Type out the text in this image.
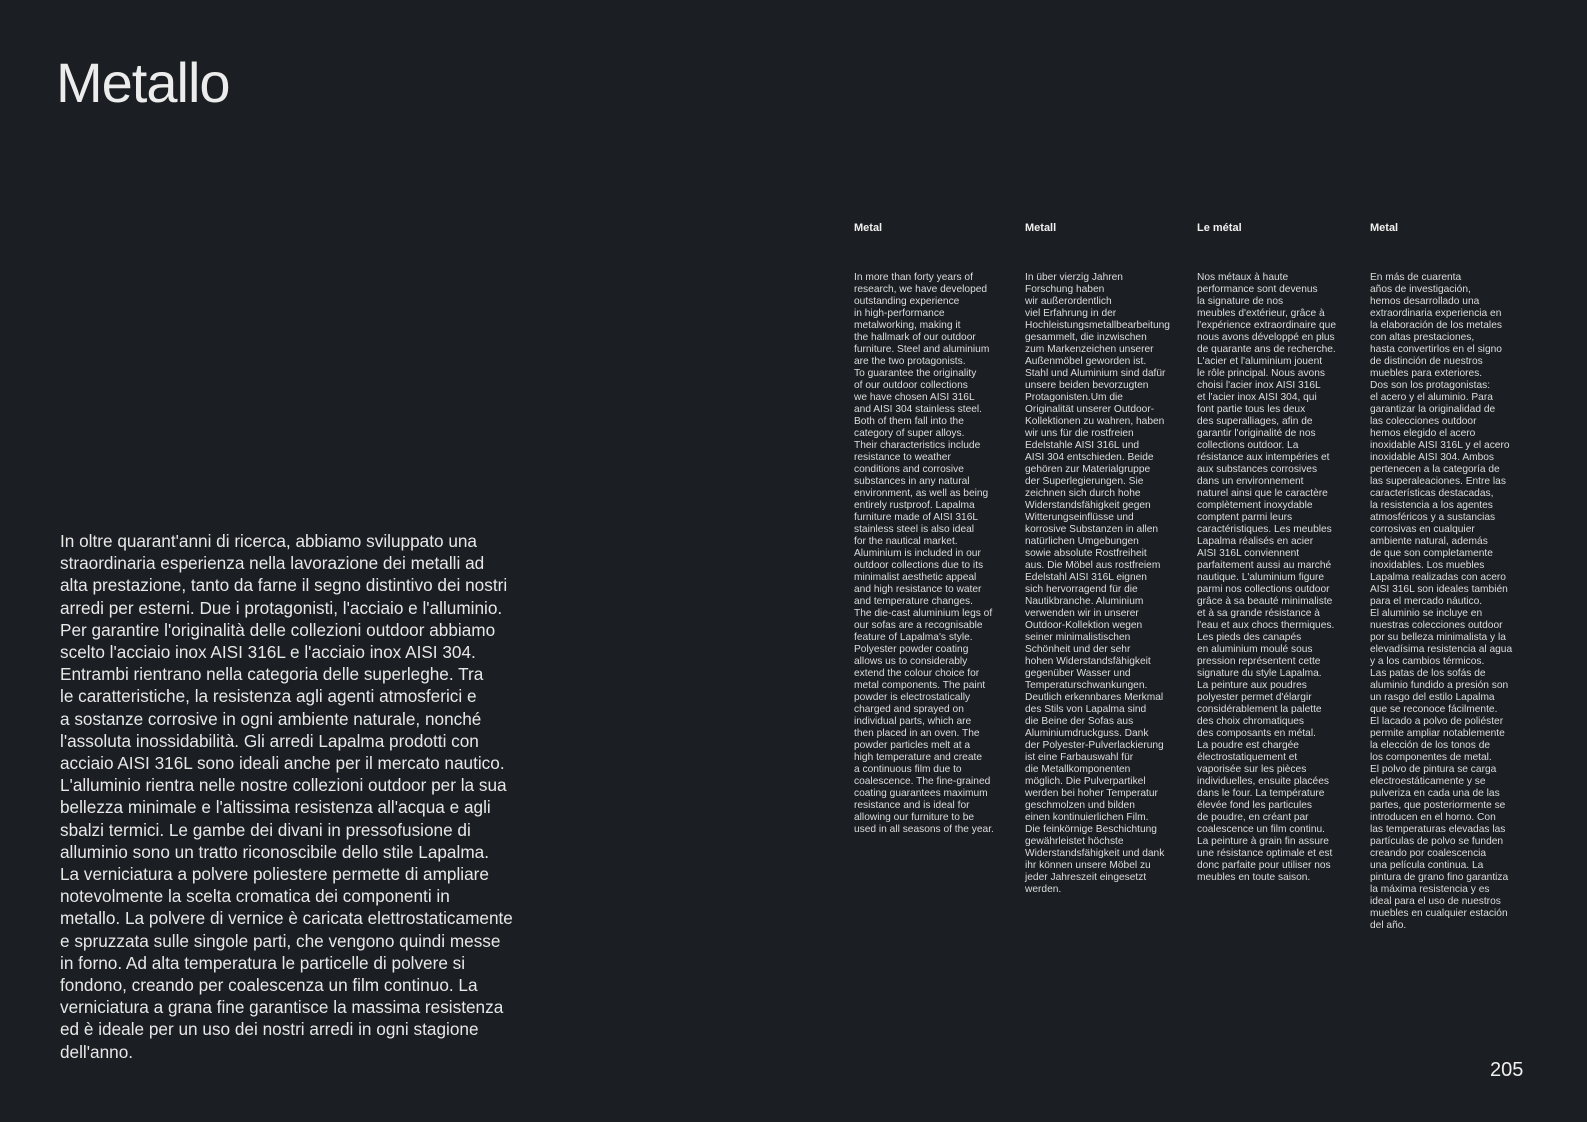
Metallo
In oltre quarant'anni di ricerca, abbiamo sviluppato una
straordinaria esperienza nella lavorazione dei metalli ad
alta prestazione, tanto da farne il segno distintivo dei nostri
arredi per esterni. Due i protagonisti, l'acciaio e l'alluminio.
Per garantire l'originalità delle collezioni outdoor abbiamo
scelto l'acciaio inox AISI 316L e l'acciaio inox AISI 304.
Entrambi rientrano nella categoria delle superleghe. Tra
le caratteristiche, la resistenza agli agenti atmosferici e
a sostanze corrosive in ogni ambiente naturale, nonché
l'assoluta inossidabilità. Gli arredi Lapalma prodotti con
acciaio AISI 316L sono ideali anche per il mercato nautico.
L'alluminio rientra nelle nostre collezioni outdoor per la sua
bellezza minimale e l'altissima resistenza all'acqua e agli
sbalzi termici. Le gambe dei divani in pressofusione di
alluminio sono un tratto riconoscibile dello stile Lapalma.
La verniciatura a polvere poliestere permette di ampliare
notevolmente la scelta cromatica dei componenti in
metallo. La polvere di vernice è caricata elettrostaticamente
e spruzzata sulle singole parti, che vengono quindi messe
in forno. Ad alta temperatura le particelle di polvere si
fondono, creando per coalescenza un film continuo. La
verniciatura a grana fine garantisce la massima resistenza
ed è ideale per un uso dei nostri arredi in ogni stagione
dell'anno.
Metal	Metall	Le métal	Metal
In more than forty years of
research, we have developed
outstanding experience
in high-performance
metalworking, making it
the hallmark of our outdoor
furniture. Steel and aluminium
are the two protagonists.
To guarantee the originality
of our outdoor collections
we have chosen AISI 316L
and AISI 304 stainless steel.
Both of them fall into the
category of super alloys.
Their characteristics include
resistance to weather
conditions and corrosive
substances in any natural
environment, as well as being
entirely rustproof. Lapalma
furniture made of AISI 316L
stainless steel is also ideal
for the nautical market.
Aluminium is included in our
outdoor collections due to its
minimalist aesthetic appeal
and high resistance to water
and temperature changes.
The die-cast aluminium legs of
our sofas are a recognisable
feature of Lapalma's style.
Polyester powder coating
allows us to considerably
extend the colour choice for
metal components. The paint
powder is electrostatically
charged and sprayed on
individual parts, which are
then placed in an oven. The
powder particles melt at a
high temperature and create
a continuous film due to
coalescence. The fine-grained
coating guarantees maximum
resistance and is ideal for
allowing our furniture to be
used in all seasons of the year.
In über vierzig Jahren
Forschung haben
wir außerordentlich
viel Erfahrung in der
Hochleistungsmetallbearbeitung
gesammelt, die inzwischen
zum Markenzeichen unserer
Außenmöbel geworden ist.
Stahl und Aluminium sind dafür
unsere beiden bevorzugten
Protagonisten.Um die
Originalität unserer Outdoor-
Kollektionen zu wahren, haben
wir uns für die rostfreien
Edelstahle AISI 316L und
AISI 304 entschieden. Beide
gehören zur Materialgruppe
der Superlegierungen. Sie
zeichnen sich durch hohe
Widerstandsfähigkeit gegen
Witterungseinflüsse und
korrosive Substanzen in allen
natürlichen Umgebungen
sowie absolute Rostfreiheit
aus. Die Möbel aus rostfreiem
Edelstahl AISI 316L eignen
sich hervorragend für die
Nautikbranche. Aluminium
verwenden wir in unserer
Outdoor-Kollektion wegen
seiner minimalistischen
Schönheit und der sehr
hohen Widerstandsfähigkeit
gegenüber Wasser und
Temperaturschwankungen.
Deutlich erkennbares Merkmal
des Stils von Lapalma sind
die Beine der Sofas aus
Aluminiumdruckguss. Dank
der Polyester-Pulverlackierung
ist eine Farbauswahl für
die Metallkomponenten
möglich. Die Pulverpartikel
werden bei hoher Temperatur
geschmolzen und bilden
einen kontinuierlichen Film.
Die feinkörnige Beschichtung
gewährleistet höchste
Widerstandsfähigkeit und dank
ihr können unsere Möbel zu
jeder Jahreszeit eingesetzt
werden.
Nos métaux à haute
performance sont devenus
la signature de nos
meubles d'extérieur, grâce à
l'expérience extraordinaire que
nous avons développé en plus
de quarante ans de recherche.
L'acier et l'aluminium jouent
le rôle principal. Nous avons
choisi l'acier inox AISI 316L
et l'acier inox AISI 304, qui
font partie tous les deux
des superalliages, afin de
garantir l'originalité de nos
collections outdoor. La
résistance aux intempéries et
aux substances corrosives
dans un environnement
naturel ainsi que le caractère
complètement inoxydable
comptent parmi leurs
caractéristiques. Les meubles
Lapalma réalisés en acier
AISI 316L conviennent
parfaitement aussi au marché
nautique. L'aluminium figure
parmi nos collections outdoor
grâce à sa beauté minimaliste
et à sa grande résistance à
l'eau et aux chocs thermiques.
Les pieds des canapés
en aluminium moulé sous
pression représentent cette
signature du style Lapalma.
La peinture aux poudres
polyester permet d'élargir
considérablement la palette
des choix chromatiques
des composants en métal.
La poudre est chargée
électrostatiquement et
vaporisée sur les pièces
individuelles, ensuite placées
dans le four. La température
élevée fond les particules
de poudre, en créant par
coalescence un film continu.
La peinture à grain fin assure
une résistance optimale et est
donc parfaite pour utiliser nos
meubles en toute saison.
En más de cuarenta
años de investigación,
hemos desarrollado una
extraordinaria experiencia en
la elaboración de los metales
con altas prestaciones,
hasta convertirlos en el signo
de distinción de nuestros
muebles para exteriores.
Dos son los protagonistas:
el acero y el aluminio. Para
garantizar la originalidad de
las colecciones outdoor
hemos elegido el acero
inoxidable AISI 316L y el acero
inoxidable AISI 304. Ambos
pertenecen a la categoría de
las superaleaciones. Entre las
características destacadas,
la resistencia a los agentes
atmosféricos y a sustancias
corrosivas en cualquier
ambiente natural, además
de que son completamente
inoxidables. Los muebles
Lapalma realizadas con acero
AISI 316L son ideales también
para el mercado náutico.
El aluminio se incluye en
nuestras colecciones outdoor
por su belleza minimalista y la
elevadísima resistencia al agua
y a los cambios térmicos.
Las patas de los sofás de
aluminio fundido a presión son
un rasgo del estilo Lapalma
que se reconoce fácilmente.
El lacado a polvo de poliéster
permite ampliar notablemente
la elección de los tonos de
los componentes de metal.
El polvo de pintura se carga
electroestáticamente y se
pulveriza en cada una de las
partes, que posteriormente se
introducen en el horno. Con
las temperaturas elevadas las
partículas de polvo se funden
creando por coalescencia
una película continua. La
pintura de grano fino garantiza
la máxima resistencia y es
ideal para el uso de nuestros
muebles en cualquier estación
del año.
205
